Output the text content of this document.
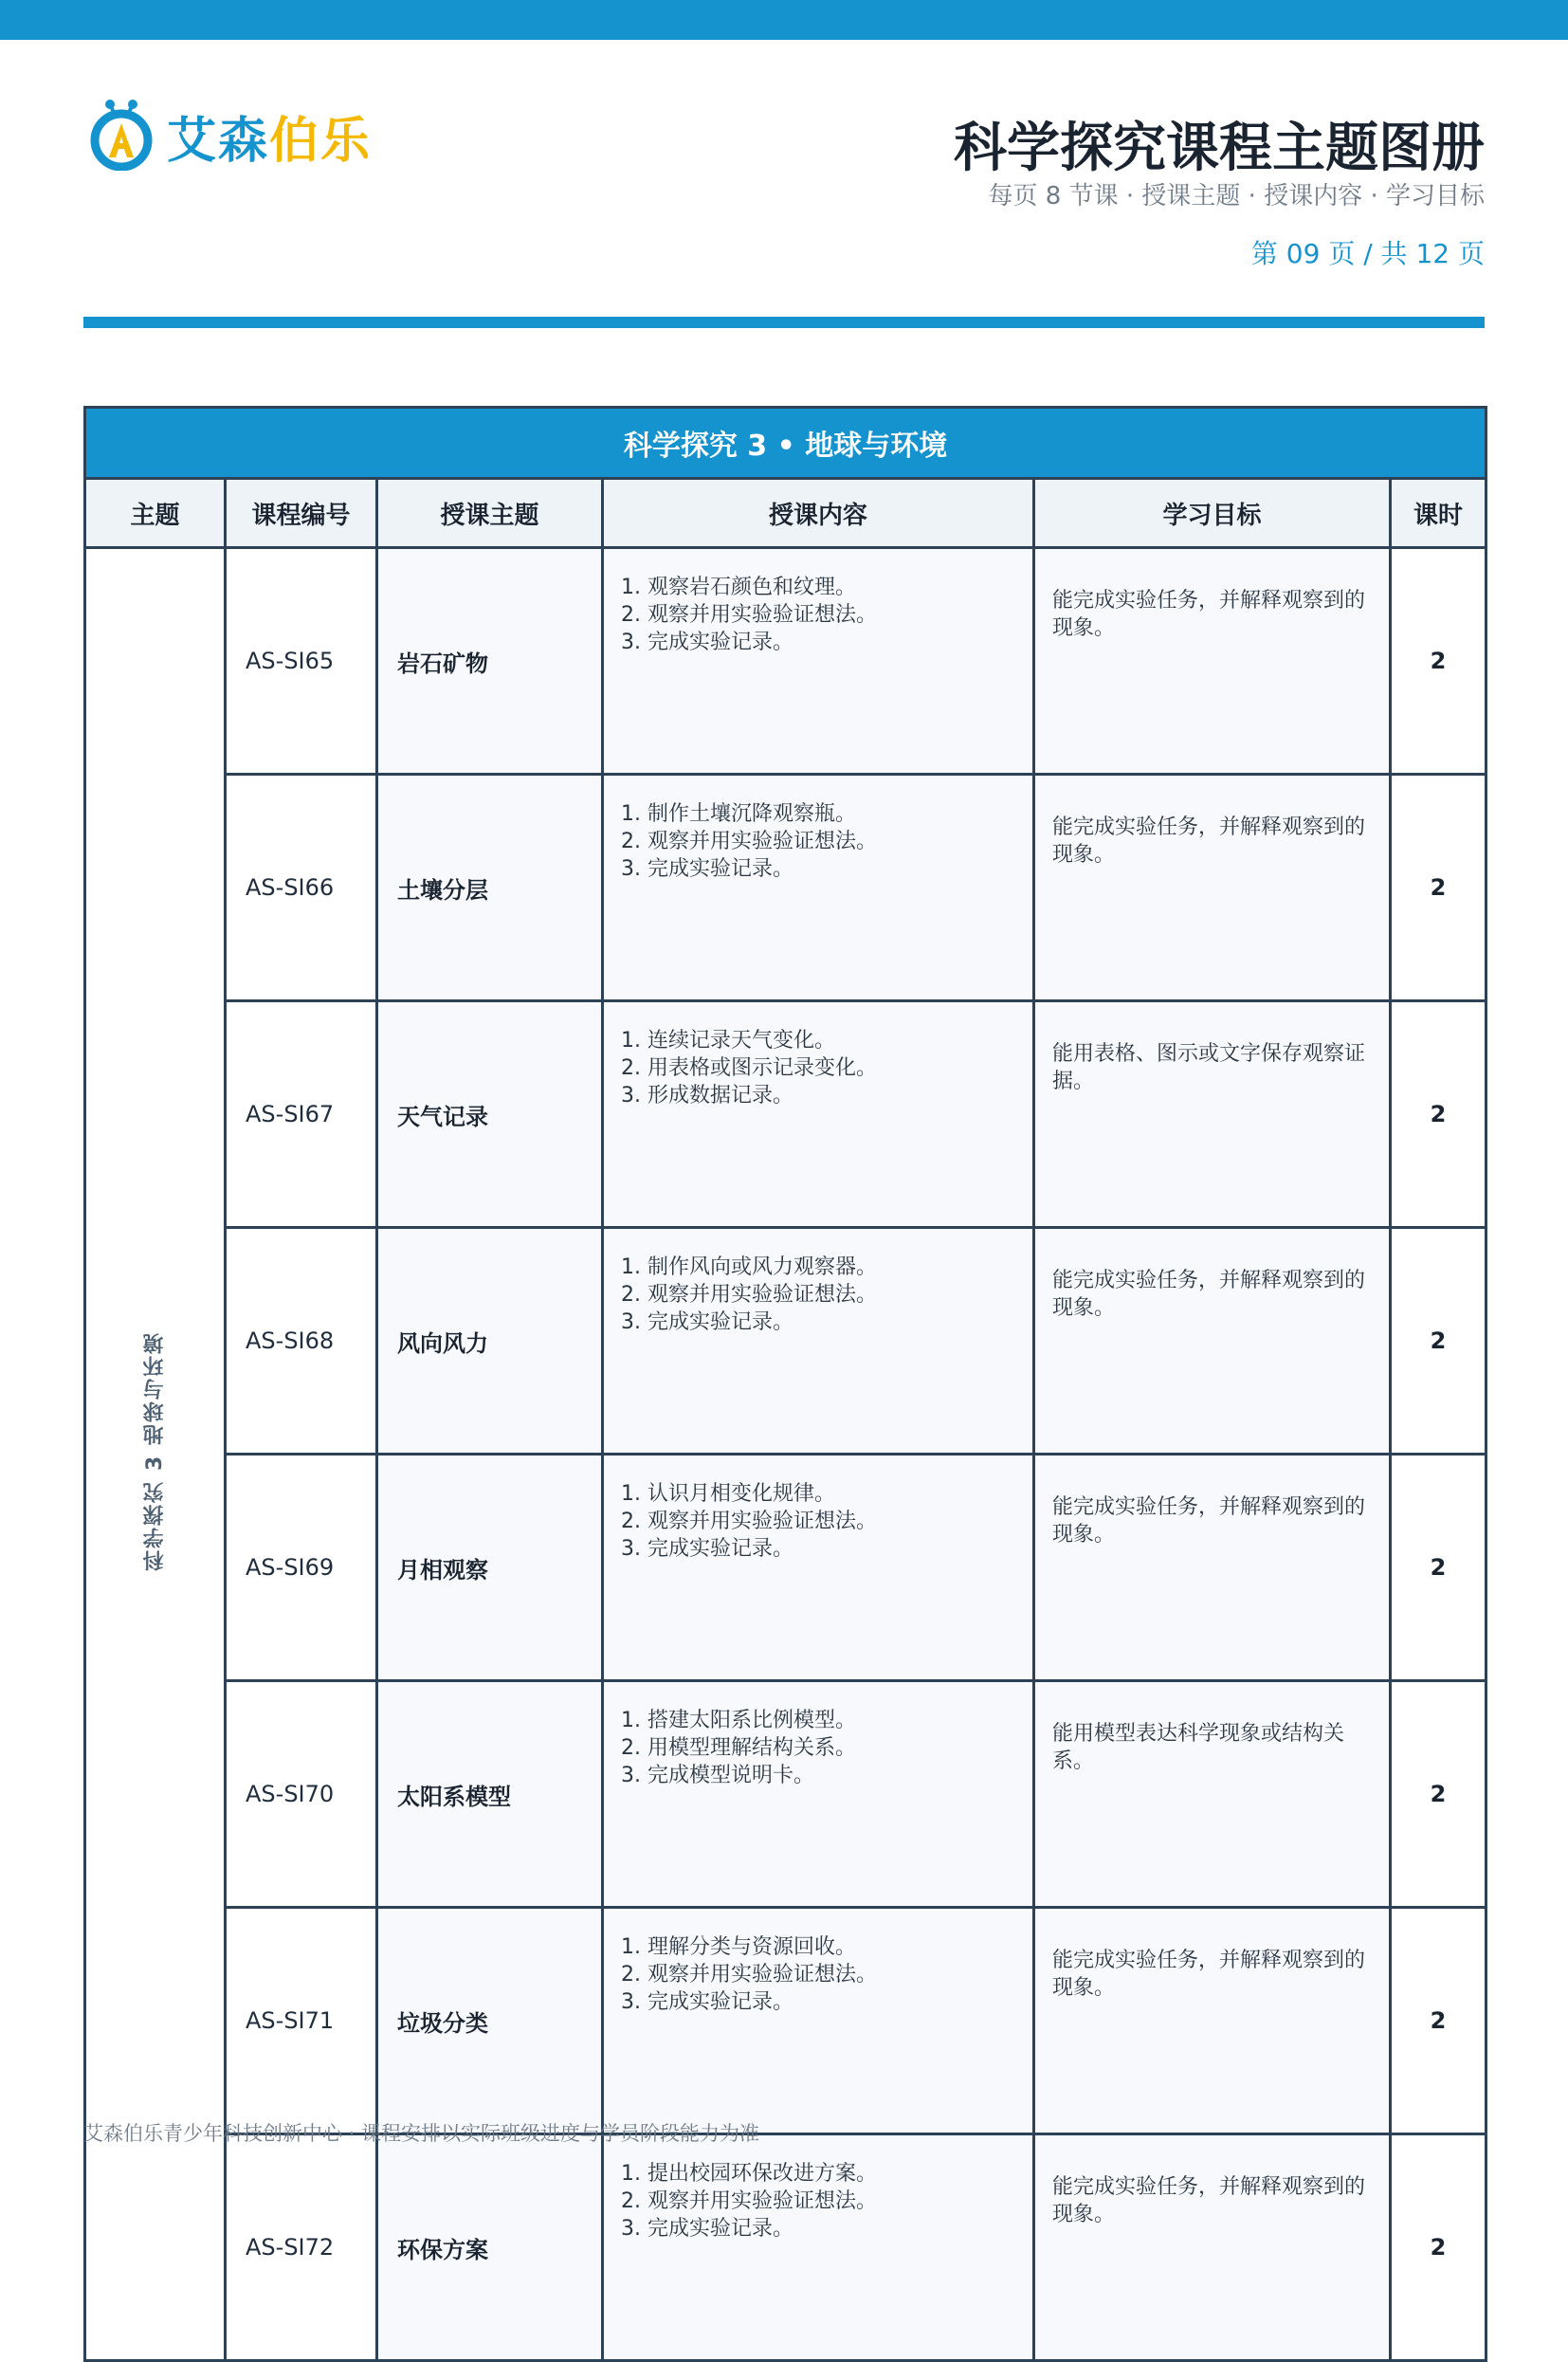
艾森伯乐	科学探究课程主题图册
每页 8 节课 · 授课主题 · 授课内容 · 学习目标
第 09 页 / 共 12 页
科学探究 3 • 地球与环境					
主题	课程编号	授课主题	授课内容	学习目标	课时
科学探究 3 地球与环境	AS-SI65	岩石矿物	1. 观察岩石颜色和纹理。
2. 观察并用实验验证想法。
3. 完成实验记录。	能完成实验任务，并解释观察到的现象。	2
	AS-SI66	土壤分层	1. 制作土壤沉降观察瓶。
2. 观察并用实验验证想法。
3. 完成实验记录。	能完成实验任务，并解释观察到的现象。	2
	AS-SI67	天气记录	1. 连续记录天气变化。
2. 用表格或图示记录变化。
3. 形成数据记录。	能用表格、图示或文字保存观察证据。	2
	AS-SI68	风向风力	1. 制作风向或风力观察器。
2. 观察并用实验验证想法。
3. 完成实验记录。	能完成实验任务，并解释观察到的现象。	2
	AS-SI69	月相观察	1. 认识月相变化规律。
2. 观察并用实验验证想法。
3. 完成实验记录。	能完成实验任务，并解释观察到的现象。	2
	AS-SI70	太阳系模型	1. 搭建太阳系比例模型。
2. 用模型理解结构关系。
3. 完成模型说明卡。	能用模型表达科学现象或结构关系。	2
	AS-SI71	垃圾分类	1. 理解分类与资源回收。
2. 观察并用实验验证想法。
3. 完成实验记录。	能完成实验任务，并解释观察到的现象。	2
	AS-SI72	环保方案	1. 提出校园环保改进方案。
2. 观察并用实验验证想法。
3. 完成实验记录。	能完成实验任务，并解释观察到的现象。	2
艾森伯乐青少年科技创新中心 · 课程安排以实际班级进度与学员阶段能力为准
